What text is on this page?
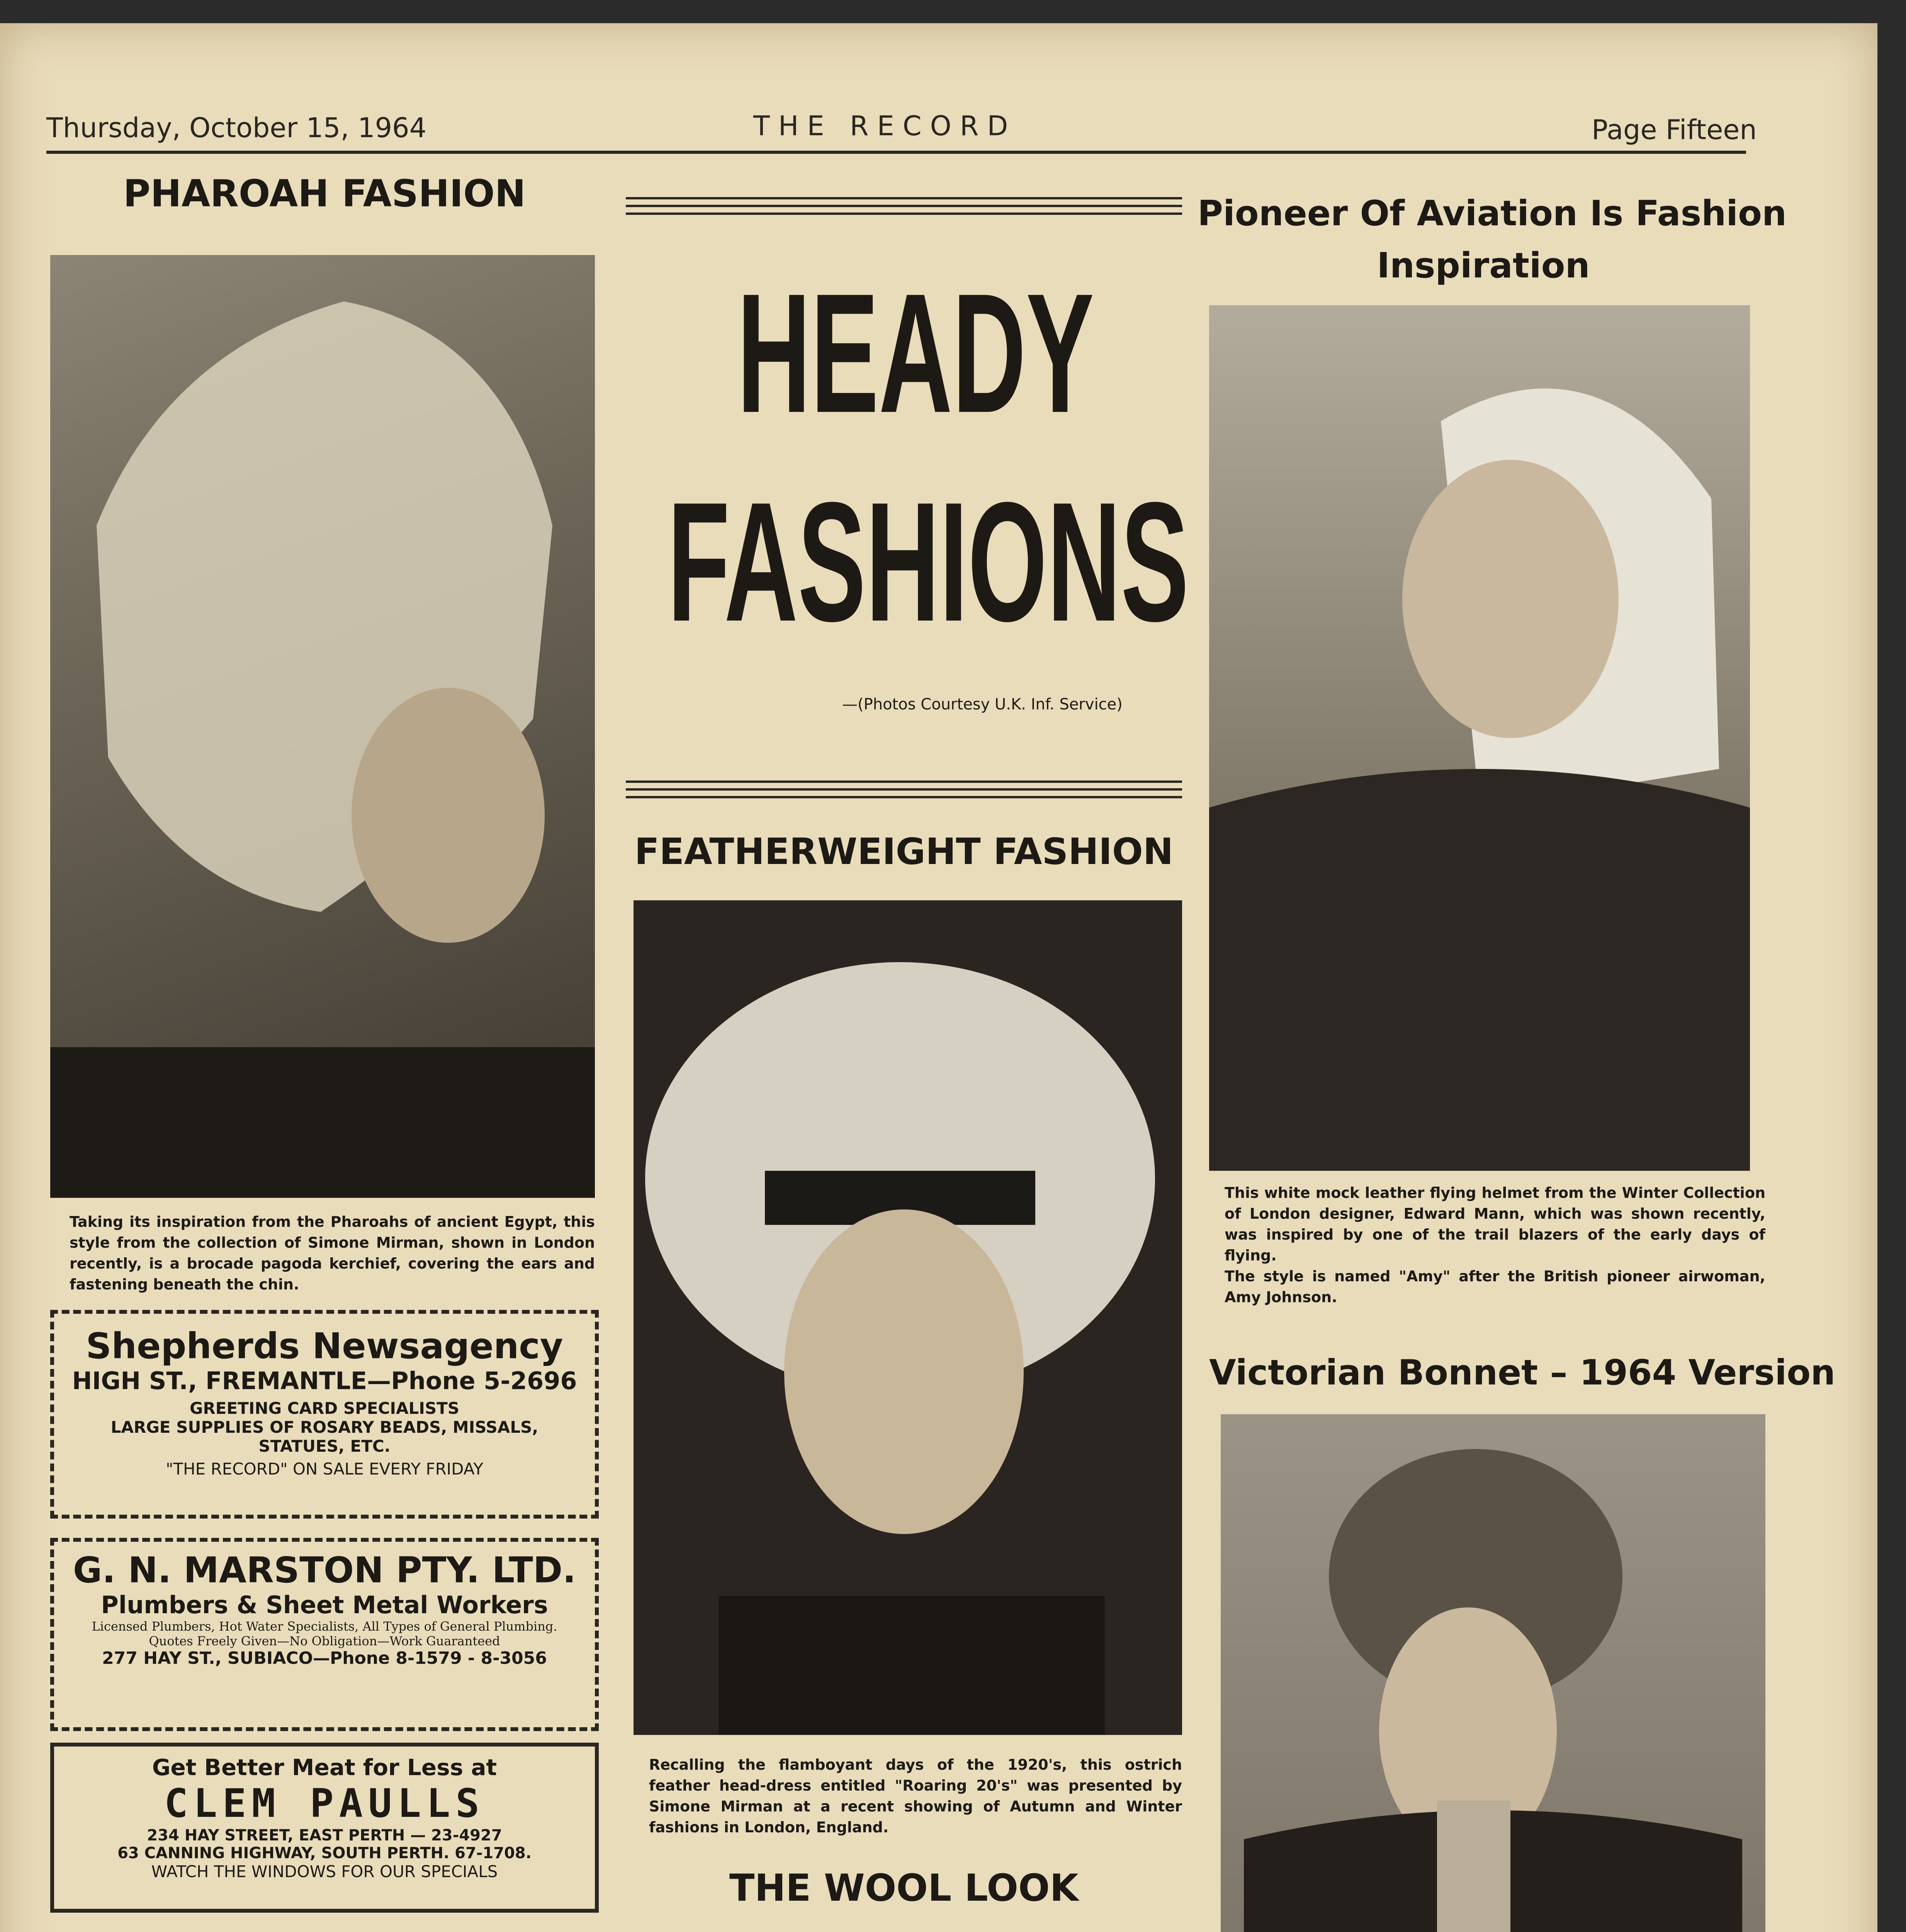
Thursday, October 15, 1964	THE RECORD	Page Fifteen
PHAROAH FASHION
Taking its inspiration from the Pharoahs of ancient Egypt, this style from the collection of Simone Mirman, shown in London recently, is a brocade pagoda kerchief, covering the ears and fastening beneath the chin.

Shepherds Newsagency

HIGH ST., FREMANTLE—Phone 5-2696

GREETING CARD SPECIALISTS

LARGE SUPPLIES OF ROSARY BEADS, MISSALS, STATUES, ETC.

"THE RECORD" ON SALE EVERY FRIDAY

G. N. MARSTON PTY. LTD.

Plumbers & Sheet Metal Workers

Licensed Plumbers, Hot Water Specialists, All Types of General Plumbing.

Quotes Freely Given—No Obligation—Work Guaranteed

277 HAY ST., SUBIACO—Phone 8-1579 - 8-3056

Get Better Meat for Less at

CLEM PAULLS

234 HAY STREET, EAST PERTH — 23-4927

63 CANNING HIGHWAY, SOUTH PERTH. 67-1708.

WATCH THE WINDOWS FOR OUR SPECIALS

HEADY
FASHIONS
—(Photos Courtesy U.K. Inf. Service)
FEATHERWEIGHT FASHION
Recalling the flamboyant days of the 1920's, this ostrich feather head-dress entitled "Roaring 20's" was presented by Simone Mirman at a recent showing of Autumn and Winter fashions in London, England.
THE WOOL LOOK
Pioneer Of Aviation Is Fashion
Inspiration

This white mock leather flying helmet from the Winter Collection of London designer, Edward Mann, which was shown recently, was inspired by one of the trail blazers of the early days of flying.

The style is named "Amy" after the British pioneer airwoman, Amy Johnson.

Victorian Bonnet – 1964 Version
